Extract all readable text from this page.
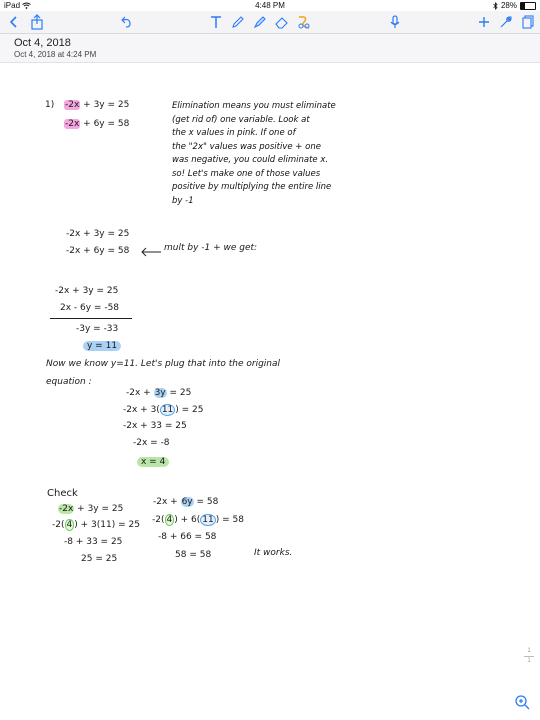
iPad	4:48 PM	28%
Oct 4, 2018
Oct 4, 2018 at 4:24 PM
1) -2x + 3y = 25
-2x + 6y = 58
Elimination means you must eliminate
(get rid of) one variable. Look at
the x values in pink. If one of
the "2x" values was positive + one
was negative, you could eliminate x.
so! Let's make one of those values
positive by multiplying the entire line
by -1
-2x + 3y = 25
-2x + 6y = 58	mult by -1 + we get:
-2x + 3y = 25
2x - 6y = -58
-3y = -33
y = 11
Now we know y=11. Let's plug that into the original
equation :
-2x + 3y = 25
-2x + 3( 11 ) = 25
-2x + 33 = 25
-2x = -8
x = 4
Check
-2x + 3y = 25
-2( 4 ) + 3(11) = 25
-8 + 33 = 25
25 = 25
-2x + 6y = 58
-2( 4 ) + 6( 11 ) = 58
-8 + 66 = 58
58 = 58	It works.
1
1
